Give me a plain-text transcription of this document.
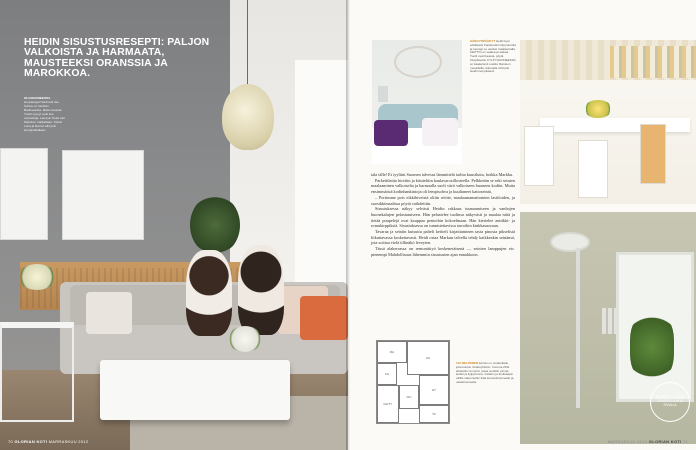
HEIDIN SISUSTUSRESEPTI: PALJON VALKOISTA JA HARMAATA, MAUSTEEKSI ORANSSIA JA MAROKKOA.

OLOHUONEESSA lempiasujat Heidi teki itse. Sohva on hankittu Bauhausista. Matto Ikeasta. Tuolin tyynyt ovat itse ommeltuja. Lampun Heidi osti Marokon matkaltaan. Koirat Luna ja Ramsi viihtyvät lempipaikallaan.

70 GLORIAN KOTI MARRASKUU 2012

SÄNGYNPÄÄDYT Heidi löysi edullisesti Facebookin kirpputorilta ja tuunasi ne uusiksi maalaamalla. KEITTIÖ on vaalea ja selkeä. Tuolit ovat Ikeasta, pöytä Kirppikseltä. KYLPYHUONEESSA on kaakelointi uusittu Marokon mosaiikilla. Ikkunalla viihtyvät Heidin lempikasvit.

tala tälle! Et tyyliini Suomen talvessa lämmittelä tarhia kuusiluita, hoikka Markku.

Parkettilattia hiottiin ja käsiteltiin kaulavarosillosteella. Pelkkeään se seki seinien maalaaminen valkoiselta ja harmaalla suoli värit valkoiseen huoneen kodiin. Muita ensimmäisiä kodinhankintoja oli lempisohva ja kuultaneet kattoseinät.

– Portimme pois eikkihiveistä oltiin reiitte, maalaamamattomien lastiloiden, ja suosikkimaalissa pöytä vaihdettiin.

Sisustuksessa näkyy selvästi Heidin rakkaus tuunaamiseen ja vanhojen huonekalujen pelastamiseen. Hän pelastelee tuolinsa näkyvästi ja maalaa niitä ja tietää puupelejä ovat kauppaa pentoihin kokoelmaan. Hän kiertelee antiikki- ja romukirppiksiä. Sisustuksessa on tunnistettavissa tarroihin kinkkasuoraan.

Tavaraa ja seiniin kutsuttu palteli keitteli kirjaittaminen tasta pinosta pikselistä liikuttavassa koskettavasti. Heidi ostaa Markun talvella tehdy kaikkeakin seinänsä, jota soittaa vielä tillinäkö leveyten.

Tässä alakerrassa on remonttityö keskeneräisenä — seinien lamppujen etc. pienempi Mahdollisuus lähemmin sisustusten ajan ennakkoon.

MH
OH
KH
KEITT.
WC
ET
TK

110-NELIÖINEN kolmio on omakotitalo, joka kuuluu rivitaloyhtiöön. Vuonna 2011 aloitettiin remontti, jossa uusittiin pinnat, keittiö ja kylpyhuone. Kellarin ja tuulikaapin välille rakennettiin tilaa kuivaushuoneelle ja vaatehuoneelle.

ARTIKKELI JATKUU STUDIOLLA 2012 SIVULLA
MARRASKUU 2012 GLORIAN KOTI 71
